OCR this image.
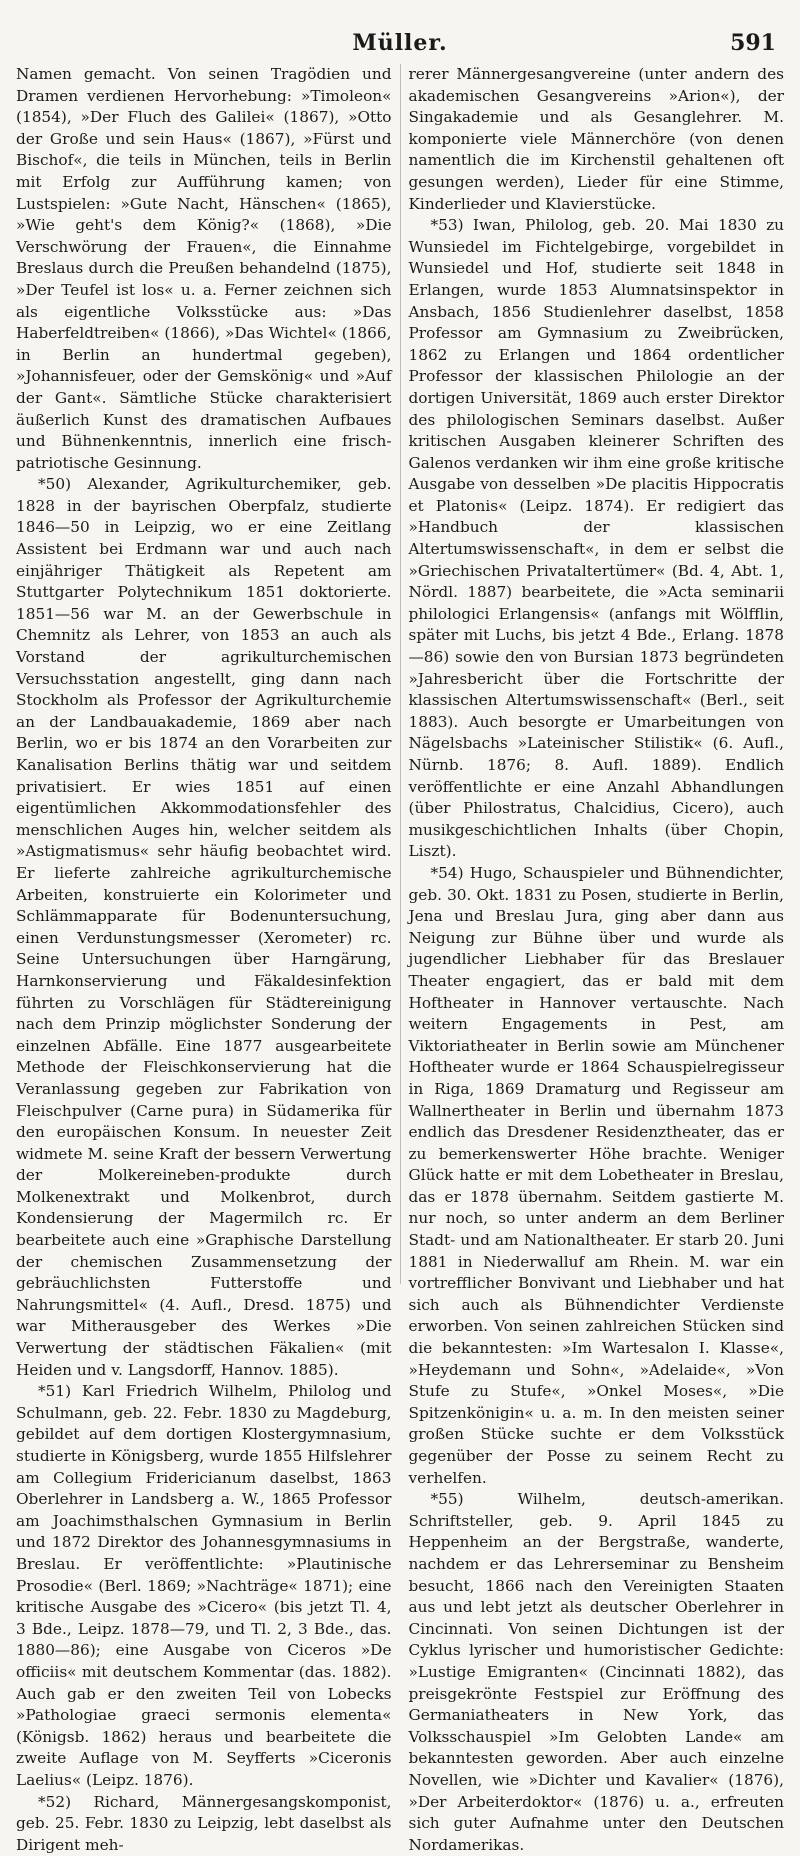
Müller.	591

Namen gemacht. Von seinen Tragödien und Dramen verdienen Hervorhebung: »Timoleon« (1854), »Der Fluch des Galilei« (1867), »Otto der Große und sein Haus« (1867), »Fürst und Bischof«, die teils in München, teils in Berlin mit Erfolg zur Aufführung kamen; von Lustspielen: »Gute Nacht, Hänschen« (1865), »Wie geht's dem König?« (1868), »Die Verschwörung der Frauen«, die Einnahme Breslaus durch die Preußen behandelnd (1875), »Der Teufel ist los« u. a. Ferner zeichnen sich als eigentliche Volksstücke aus: »Das Haberfeldtreiben« (1866), »Das Wichtel« (1866, in Berlin an hundertmal gegeben), »Johannisfeuer, oder der Gemskönig« und »Auf der Gant«. Sämtliche Stücke charakterisiert äußerlich Kunst des dramatischen Aufbaues und Bühnenkenntnis, innerlich eine frisch-patriotische Gesinnung.

*50) Alexander, Agrikulturchemiker, geb. 1828 in der bayrischen Oberpfalz, studierte 1846—50 in Leipzig, wo er eine Zeitlang Assistent bei Erdmann war und auch nach einjähriger Thätigkeit als Repetent am Stuttgarter Polytechnikum 1851 doktorierte. 1851—56 war M. an der Gewerbschule in Chemnitz als Lehrer, von 1853 an auch als Vorstand der agrikulturchemischen Versuchsstation angestellt, ging dann nach Stockholm als Professor der Agrikulturchemie an der Landbauakademie, 1869 aber nach Berlin, wo er bis 1874 an den Vorarbeiten zur Kanalisation Berlins thätig war und seitdem privatisiert. Er wies 1851 auf einen eigentümlichen Akkommodationsfehler des menschlichen Auges hin, welcher seitdem als »Astigmatismus« sehr häufig beobachtet wird. Er lieferte zahlreiche agrikulturchemische Arbeiten, konstruierte ein Kolorimeter und Schlämmapparate für Bodenuntersuchung, einen Verdunstungsmesser (Xerometer) rc. Seine Untersuchungen über Harngärung, Harnkonservierung und Fäkaldesinfektion führten zu Vorschlägen für Städtereinigung nach dem Prinzip möglichster Sonderung der einzelnen Abfälle. Eine 1877 ausgearbeitete Methode der Fleischkonservierung hat die Veranlassung gegeben zur Fabrikation von Fleischpulver (Carne pura) in Südamerika für den europäischen Konsum. In neuester Zeit widmete M. seine Kraft der bessern Verwertung der Molkereineben-produkte durch Molkenextrakt und Molkenbrot, durch Kondensierung der Magermilch rc. Er bearbeitete auch eine »Graphische Darstellung der chemischen Zusammensetzung der gebräuchlichsten Futterstoffe und Nahrungsmittel« (4. Aufl., Dresd. 1875) und war Mitherausgeber des Werkes »Die Verwertung der städtischen Fäkalien« (mit Heiden und v. Langsdorff, Hannov. 1885).

*51) Karl Friedrich Wilhelm, Philolog und Schulmann, geb. 22. Febr. 1830 zu Magdeburg, gebildet auf dem dortigen Klostergymnasium, studierte in Königsberg, wurde 1855 Hilfslehrer am Collegium Fridericianum daselbst, 1863 Oberlehrer in Landsberg a. W., 1865 Professor am Joachimsthalschen Gymnasium in Berlin und 1872 Direktor des Johannesgymnasiums in Breslau. Er veröffentlichte: »Plautinische Prosodie« (Berl. 1869; »Nachträge« 1871); eine kritische Ausgabe des »Cicero« (bis jetzt Tl. 4, 3 Bde., Leipz. 1878—79, und Tl. 2, 3 Bde., das. 1880—86); eine Ausgabe von Ciceros »De officiis« mit deutschem Kommentar (das. 1882). Auch gab er den zweiten Teil von Lobecks »Pathologiae graeci sermonis elementa« (Königsb. 1862) heraus und bearbeitete die zweite Auflage von M. Seyfferts »Ciceronis Laelius« (Leipz. 1876).

*52) Richard, Männergesangskomponist, geb. 25. Febr. 1830 zu Leipzig, lebt daselbst als Dirigent meh-

rerer Männergesangvereine (unter andern des akademischen Gesangvereins »Arion«), der Singakademie und als Gesanglehrer. M. komponierte viele Männerchöre (von denen namentlich die im Kirchenstil gehaltenen oft gesungen werden), Lieder für eine Stimme, Kinderlieder und Klavierstücke.

*53) Iwan, Philolog, geb. 20. Mai 1830 zu Wunsiedel im Fichtelgebirge, vorgebildet in Wunsiedel und Hof, studierte seit 1848 in Erlangen, wurde 1853 Alumnatsinspektor in Ansbach, 1856 Studienlehrer daselbst, 1858 Professor am Gymnasium zu Zweibrücken, 1862 zu Erlangen und 1864 ordentlicher Professor der klassischen Philologie an der dortigen Universität, 1869 auch erster Direktor des philologischen Seminars daselbst. Außer kritischen Ausgaben kleinerer Schriften des Galenos verdanken wir ihm eine große kritische Ausgabe von desselben »De placitis Hippocratis et Platonis« (Leipz. 1874). Er redigiert das »Handbuch der klassischen Altertumswissenschaft«, in dem er selbst die »Griechischen Privataltertümer« (Bd. 4, Abt. 1, Nördl. 1887) bearbeitete, die »Acta seminarii philologici Erlangensis« (anfangs mit Wölfflin, später mit Luchs, bis jetzt 4 Bde., Erlang. 1878—86) sowie den von Bursian 1873 begründeten »Jahresbericht über die Fortschritte der klassischen Altertumswissenschaft« (Berl., seit 1883). Auch besorgte er Umarbeitungen von Nägelsbachs »Lateinischer Stilistik« (6. Aufl., Nürnb. 1876; 8. Aufl. 1889). Endlich veröffentlichte er eine Anzahl Abhandlungen (über Philostratus, Chalcidius, Cicero), auch musikgeschichtlichen Inhalts (über Chopin, Liszt).

*54) Hugo, Schauspieler und Bühnendichter, geb. 30. Okt. 1831 zu Posen, studierte in Berlin, Jena und Breslau Jura, ging aber dann aus Neigung zur Bühne über und wurde als jugendlicher Liebhaber für das Breslauer Theater engagiert, das er bald mit dem Hoftheater in Hannover vertauschte. Nach weitern Engagements in Pest, am Viktoriatheater in Berlin sowie am Münchener Hoftheater wurde er 1864 Schauspielregisseur in Riga, 1869 Dramaturg und Regisseur am Wallnertheater in Berlin und übernahm 1873 endlich das Dresdener Residenztheater, das er zu bemerkenswerter Höhe brachte. Weniger Glück hatte er mit dem Lobetheater in Breslau, das er 1878 übernahm. Seitdem gastierte M. nur noch, so unter anderm an dem Berliner Stadt- und am Nationaltheater. Er starb 20. Juni 1881 in Niederwalluf am Rhein. M. war ein vortrefflicher Bonvivant und Liebhaber und hat sich auch als Bühnendichter Verdienste erworben. Von seinen zahlreichen Stücken sind die bekanntesten: »Im Wartesalon I. Klasse«, »Heydemann und Sohn«, »Adelaide«, »Von Stufe zu Stufe«, »Onkel Moses«, »Die Spitzenkönigin« u. a. m. In den meisten seiner großen Stücke suchte er dem Volksstück gegenüber der Posse zu seinem Recht zu verhelfen.

*55) Wilhelm, deutsch-amerikan. Schriftsteller, geb. 9. April 1845 zu Heppenheim an der Bergstraße, wanderte, nachdem er das Lehrerseminar zu Bensheim besucht, 1866 nach den Vereinigten Staaten aus und lebt jetzt als deutscher Oberlehrer in Cincinnati. Von seinen Dichtungen ist der Cyklus lyrischer und humoristischer Gedichte: »Lustige Emigranten« (Cincinnati 1882), das preisgekrönte Festspiel zur Eröffnung des Germaniatheaters in New York, das Volksschauspiel »Im Gelobten Lande« am bekanntesten geworden. Aber auch einzelne Novellen, wie »Dichter und Kavalier« (1876), »Der Arbeiterdoktor« (1876) u. a., erfreuten sich guter Aufnahme unter den Deutschen Nordamerikas.
